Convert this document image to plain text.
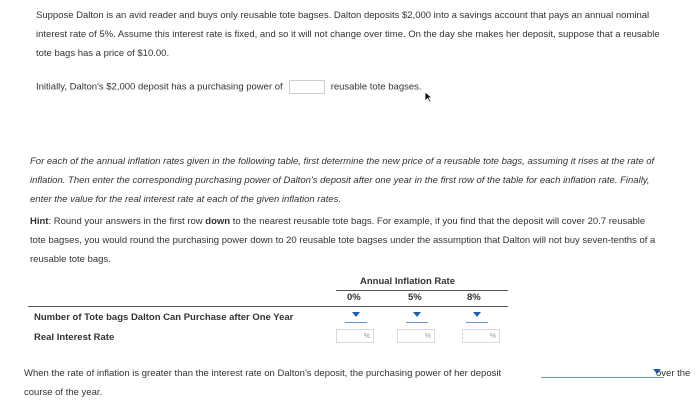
Suppose Dalton is an avid reader and buys only reusable tote bagses. Dalton deposits $2,000 into a savings account that pays an annual nominal
interest rate of 5%. Assume this interest rate is fixed, and so it will not change over time. On the day she makes her deposit, suppose that a reusable
tote bags has a price of $10.00.
Initially, Dalton's $2,000 deposit has a purchasing power of	reusable tote bagses.
For each of the annual inflation rates given in the following table, first determine the new price of a reusable tote bags, assuming it rises at the rate of
inflation. Then enter the corresponding purchasing power of Dalton's deposit after one year in the first row of the table for each inflation rate. Finally,
enter the value for the real interest rate at each of the given inflation rates.
Hint: Round your answers in the first row down to the nearest reusable tote bags. For example, if you find that the deposit will cover 20.7 reusable
tote bagses, you would round the purchasing power down to 20 reusable tote bagses under the assumption that Dalton will not buy seven-tenths of a
reusable tote bags.
Annual Inflation Rate
0%	5%	8%
Number of Tote bags Dalton Can Purchase after One Year
Real Interest Rate	%	%	%
When the rate of inflation is greater than the interest rate on Dalton's deposit, the purchasing power of her deposit	over the
course of the year.
